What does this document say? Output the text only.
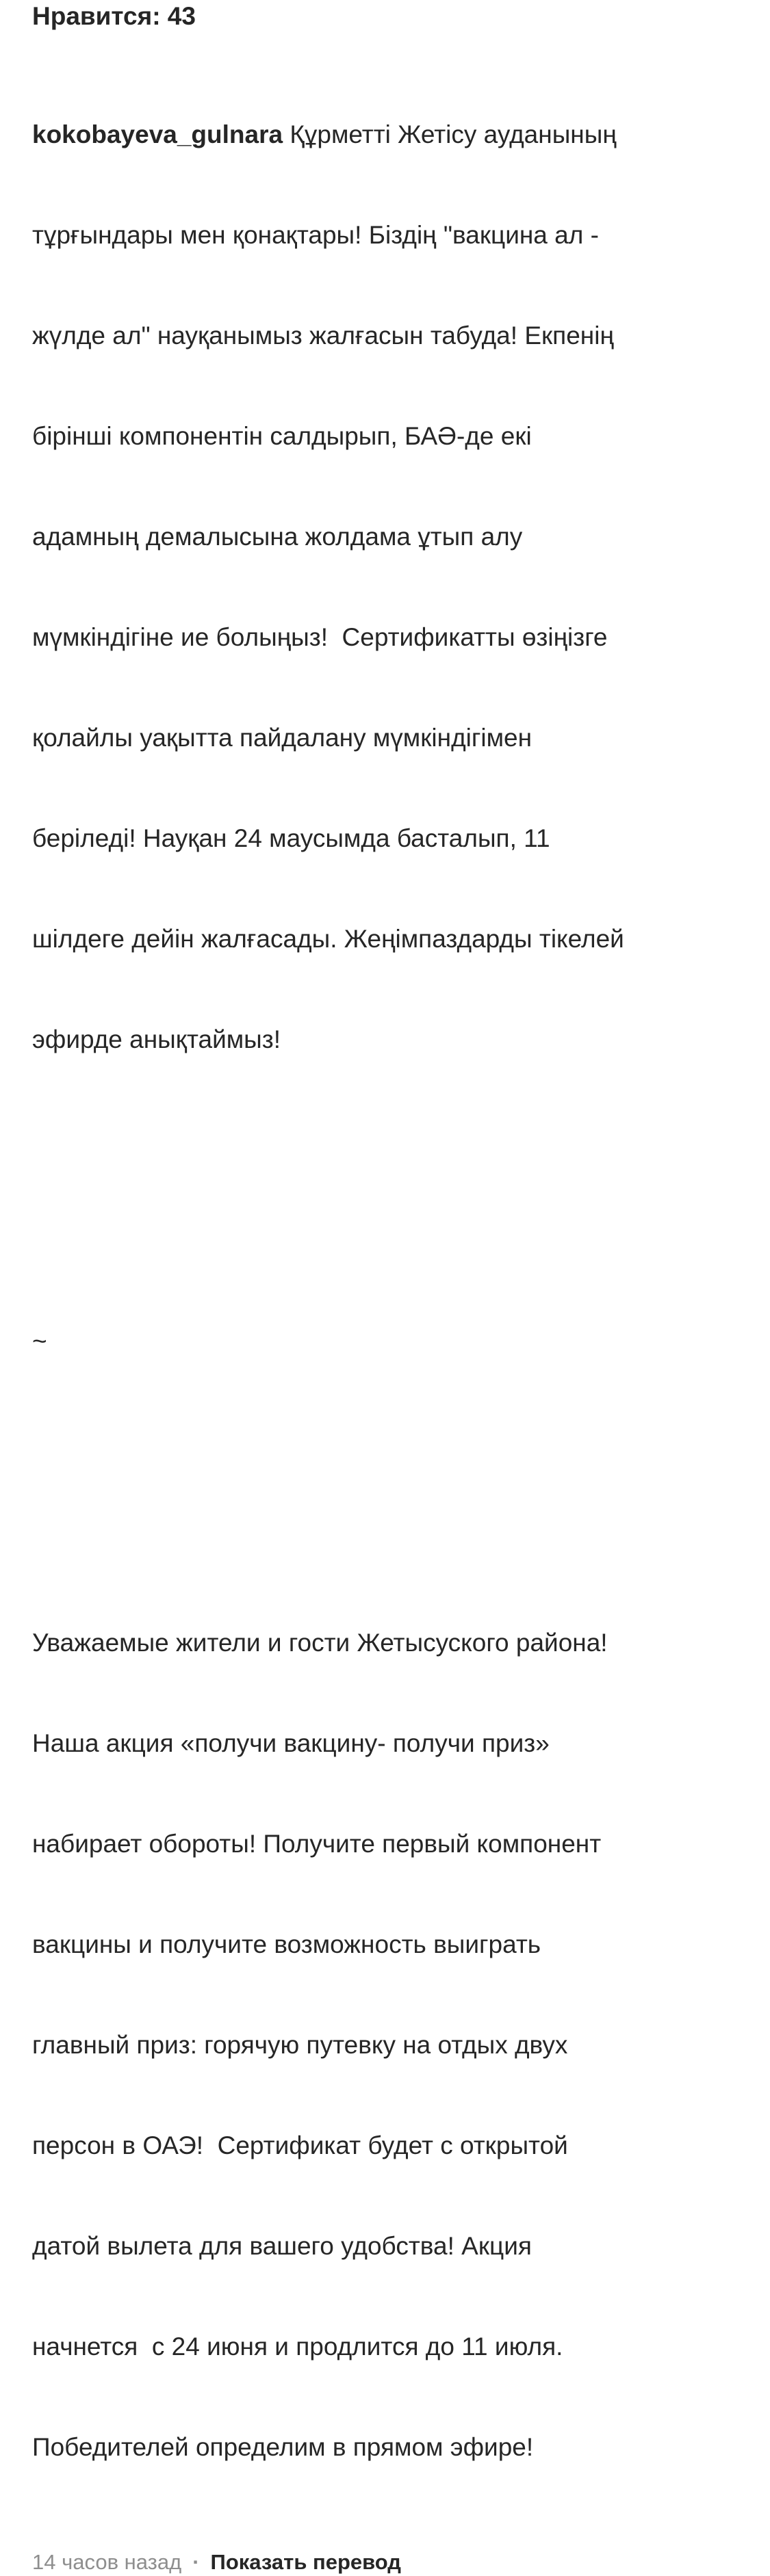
Нравится: 43

kokobayeva_gulnara Құрметті Жетісу ауданының

тұрғындары мен қонақтары! Біздің "вакцина ал -

жүлде ал" науқанымыз жалғасын табуда! Екпенің

бірінші компонентін салдырып, БАӘ-де екі

адамның демалысына жолдама ұтып алу

мүмкіндігіне ие болыңыз!  Сертификатты өзіңізге

қолайлы уақытта пайдалану мүмкіндігімен

беріледі! Науқан 24 маусымда басталып, 11

шілдеге дейін жалғасады. Жеңімпаздарды тікелей

эфирде анықтаймыз!

~

Уважаемые жители и гости Жетысуского района!

Наша акция «получи вакцину- получи приз»

набирает обороты! Получите первый компонент

вакцины и получите возможность выиграть

главный приз: горячую путевку на отдых двух

персон в ОАЭ!  Сертификат будет с открытой

датой вылета для вашего удобства! Акция

начнется  с 24 июня и продлится до 11 июля.

Победителей определим в прямом эфире!

14 часов назад · Показать перевод
